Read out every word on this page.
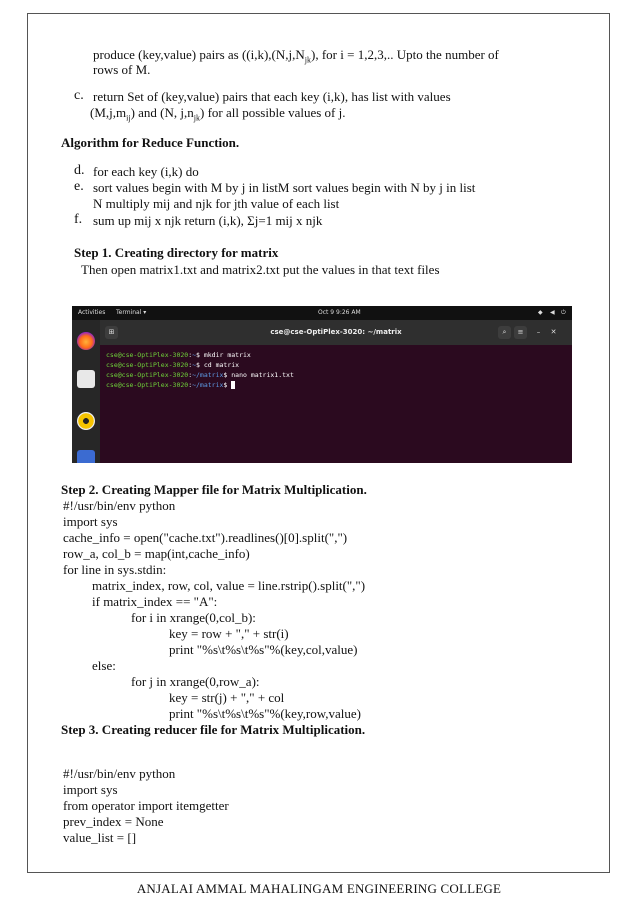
produce (key,value) pairs as ($(i,k),(N,j,N_{jk})$, for i = 1,2,3,.. Upto the number of
rows of M.
c. return Set of (key,value) pairs that each key (i,k), has list with values
$(M,j,m_{ij})$ and (N, $j,n_{jk}$) for all possible values of j.
Algorithm for Reduce Function.
d. for each key (i,k) do
e. sort values begin with M by j in listM sort values begin with N by j in list
N multiply mij and njk for jth value of each list
f. sum up mij x njk return (i,k), Σj=1 mij x njk
Step 1. Creating directory for matrix
Then open matrix1.txt and matrix2.txt put the values in that text files
Activities Terminal ▾	Oct 9 9:26 AM	◆ ◀ ⏻
⊞	cse@cse-OptiPlex-3020: ~/matrix	⌕	≡	–	✕
cse@cse-OptiPlex-3020:~$ mkdir matrix
cse@cse-OptiPlex-3020:~$ cd matrix
cse@cse-OptiPlex-3020:~/matrix$ nano matrix1.txt
cse@cse-OptiPlex-3020:~/matrix$
Step 2. Creating Mapper file for Matrix Multiplication.
#!/usr/bin/env python
import sys
cache_info = open("cache.txt").readlines()[0].split(",")
row_a, col_b = map(int,cache_info)
for line in sys.stdin:
matrix_index, row, col, value = line.rstrip().split(",")
if matrix_index == "A":
for i in xrange(0,col_b):
key = row + "," + str(i)
print "%s\t%s\t%s"%(key,col,value)
else:
for j in xrange(0,row_a):
key = str(j) + "," + col
print "%s\t%s\t%s"%(key,row,value)
Step 3. Creating reducer file for Matrix Multiplication.
#!/usr/bin/env python
import sys
from operator import itemgetter
prev_index = None
value_list = []
ANJALAI AMMAL MAHALINGAM ENGINEERING COLLEGE
